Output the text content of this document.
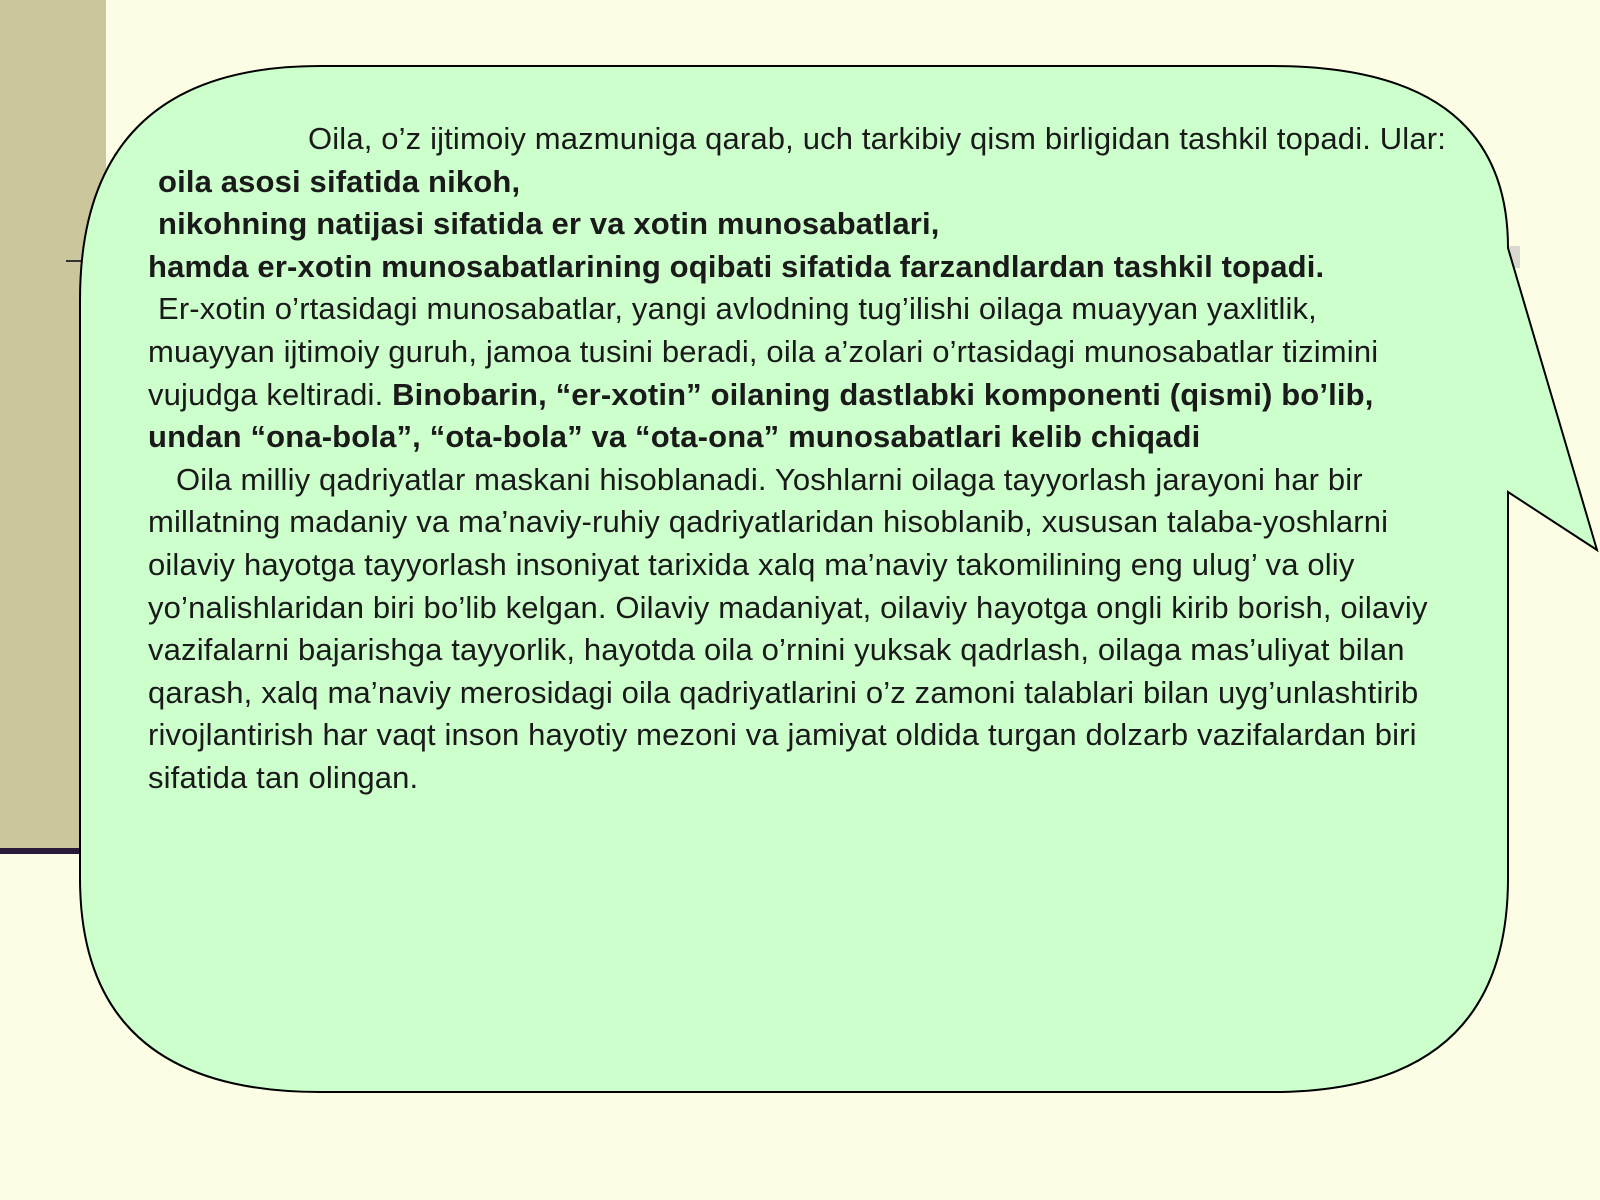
Oila, o’z ijtimoiy mazmuniga qarab, uch tarkibiy qism birligidan tashkil topadi. Ular:

oila asosi sifatida nikoh,

nikohning natijasi sifatida er va xotin munosabatlari,

hamda er-xotin munosabatlarining oqibati sifatida farzandlardan tashkil topadi.

Er-xotin o’rtasidagi munosabatlar, yangi avlodning tug’ilishi oilaga muayyan yaxlitlik, muayyan ijtimoiy guruh, jamoa tusini beradi, oila a’zolari o’rtasidagi munosabatlar tizimini vujudga keltiradi. Binobarin, “er-xotin” oilaning dastlabki komponenti (qismi) bo’lib, undan “ona-bola”, “ota-bola” va “ota-ona” munosabatlari kelib chiqadi

Oila milliy qadriyatlar maskani hisoblanadi. Yoshlarni oilaga tayyorlash jarayoni har bir millatning madaniy va ma’naviy-ruhiy qadriyatlaridan hisoblanib, xususan talaba-yoshlarni oilaviy hayotga tayyorlash insoniyat tarixida xalq ma’naviy takomilining eng ulug’ va oliy yo’nalishlaridan biri bo’lib kelgan. Oilaviy madaniyat, oilaviy hayotga ongli kirib borish, oilaviy vazifalarni bajarishga tayyorlik, hayotda oila o’rnini yuksak qadrlash, oilaga mas’uliyat bilan qarash, xalq ma’naviy merosidagi oila qadriyatlarini o’z zamoni talablari bilan uyg’unlashtirib rivojlantirish har vaqt inson hayotiy mezoni va jamiyat oldida turgan dolzarb vazifalardan biri sifatida tan olingan.
